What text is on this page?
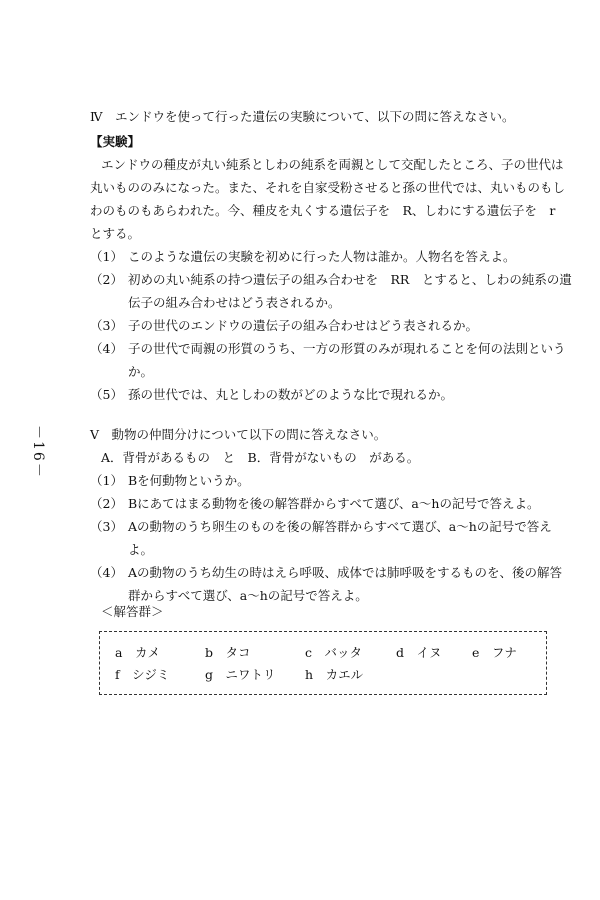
Ⅳ　エンドウを使って行った遺伝の実験について、以下の問に答えなさい。
【実験】
エンドウの種皮が丸い純系としわの純系を両親として交配したところ、子の世代は
丸いもののみになった。また、それを自家受粉させると孫の世代では、丸いものもし
わのものもあらわれた。今、種皮を丸くする遺伝子を　R、しわにする遺伝子を　r
とする。
（1） このような遺伝の実験を初めに行った人物は誰か。人物名を答えよ。
（2） 初めの丸い純系の持つ遺伝子の組み合わせを　RR　とすると、しわの純系の遺
伝子の組み合わせはどう表されるか。
（3） 子の世代のエンドウの遺伝子の組み合わせはどう表されるか。
（4） 子の世代で両親の形質のうち、一方の形質のみが現れることを何の法則という
か。
（5） 孫の世代では、丸としわの数がどのような比で現れるか。
－16－	Ⅴ　動物の仲間分けについて以下の問に答えなさい。
A．背骨があるもの　と　B．背骨がないもの　がある。
（1） Bを何動物というか。
（2） Bにあてはまる動物を後の解答群からすべて選び、a～hの記号で答えよ。
（3） Aの動物のうち卵生のものを後の解答群からすべて選び、a～hの記号で答え
よ。
（4） Aの動物のうち幼生の時はえら呼吸、成体では肺呼吸をするものを、後の解答
群からすべて選び、a～hの記号で答えよ。
＜解答群＞
a　 カメ	b　 タコ	c　 バッタ	d　 イヌ e　 フナ
f　 シジミ	g　 ニワトリ h　 カエル
